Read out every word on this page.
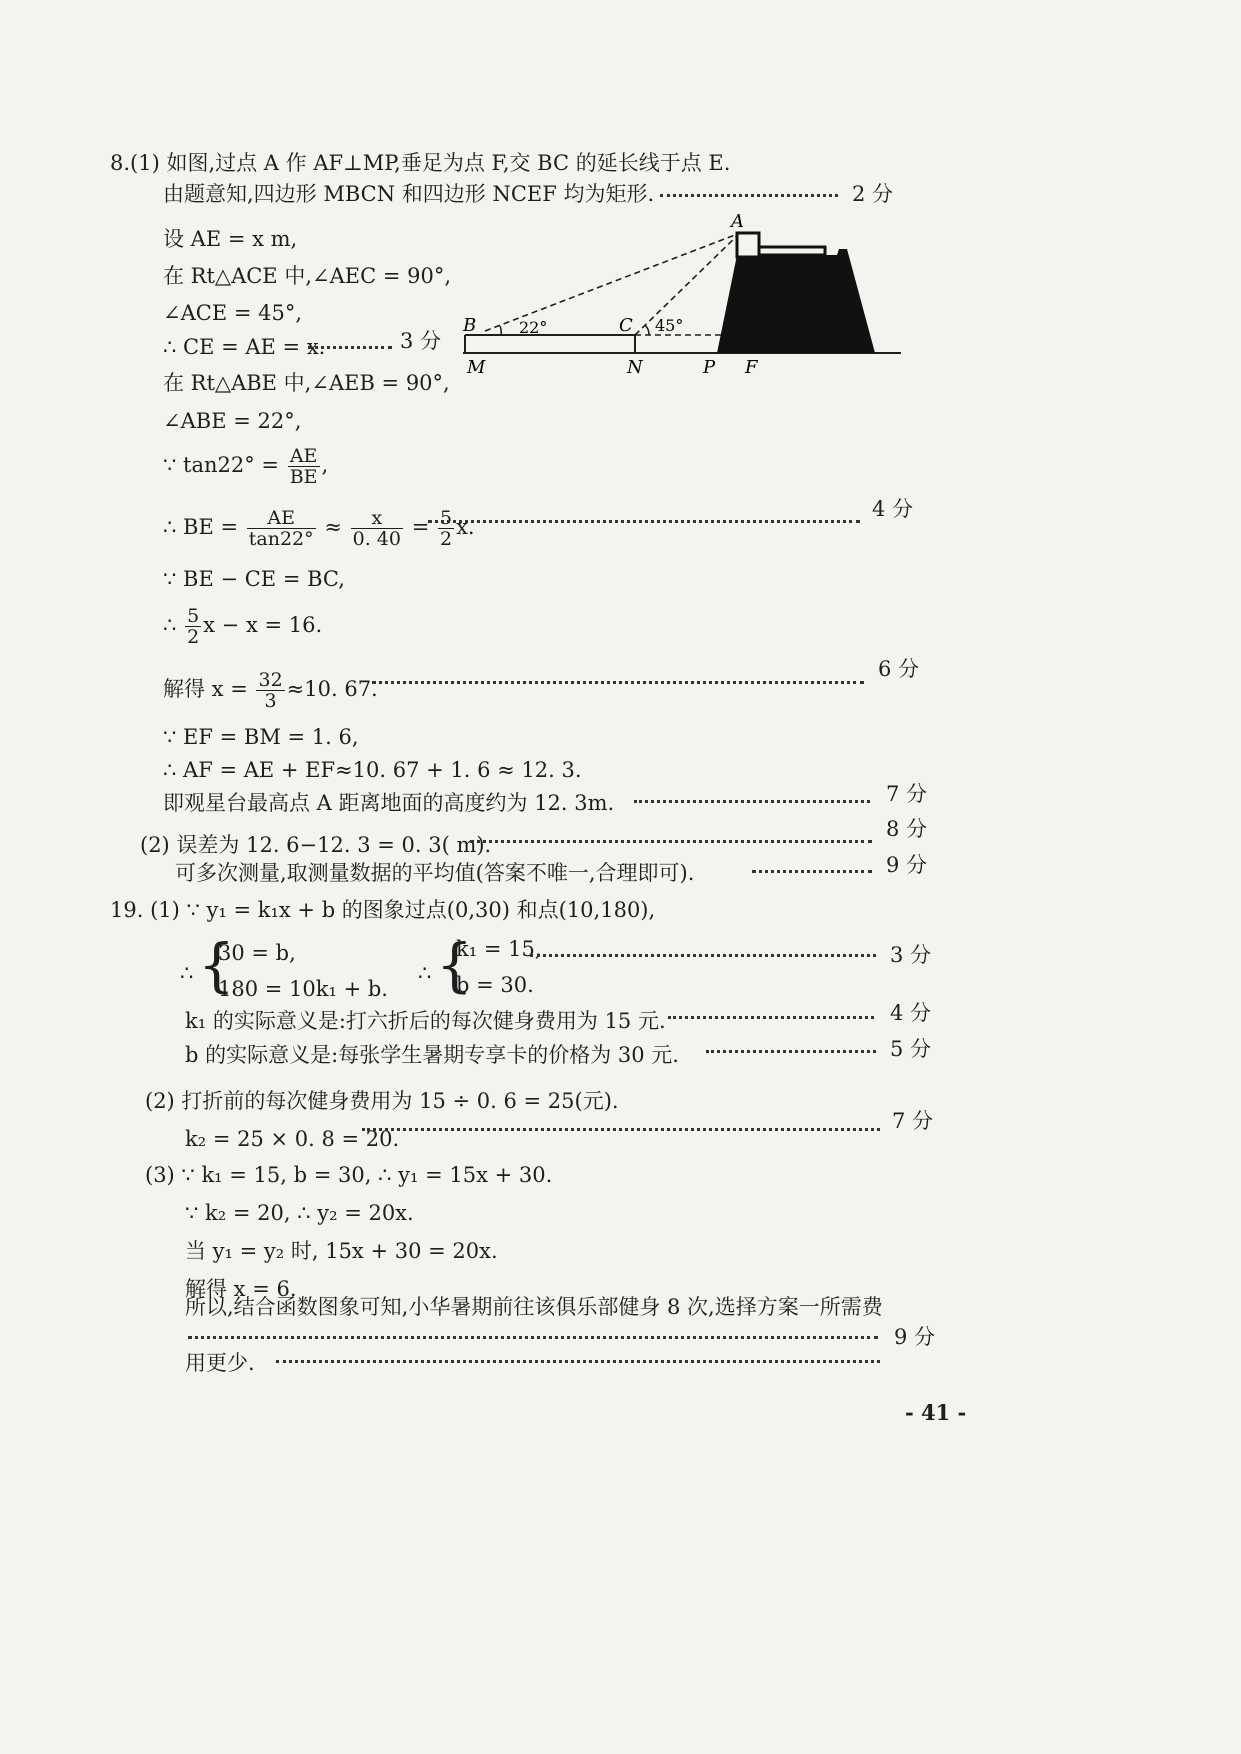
8.(1) 如图,过点 A 作 AF⊥MP,垂足为点 F,交 BC 的延长线于点 E.
由题意知,四边形 MBCN 和四边形 NCEF 均为矩形.	2 分
设 AE = x m,
在 Rt△ACE 中,∠AEC = 90°,
∠ACE = 45°,
∴ CE = AE = x.	3 分
在 Rt△ABE 中,∠AEB = 90°,
∠ABE = 22°,
∵ $\tan 22^\circ = \frac{AE}{BE}$ ,
∴ BE = $\frac{AE}{\tan 22^\circ} \approx \frac{x}{0. 40} = \frac{5}{2} x$.
4 分
∵ BE − CE = BC,
∴ $\frac{5}{2}$ x − x = 16.
解得 $x = \frac{32}{3} \approx 10$. 67.
6 分
∵ EF = BM = 1. 6,
∴ AF = AE + EF≈10. 67 + 1. 6 ≈ 12. 3.
即观星台最高点 A 距离地面的高度约为 12. 3m.	7 分
(2) 误差为 12. 6−12. 3 = 0. 3( m).
8 分
可多次测量,取测量数据的平均值(答案不唯一,合理即可).	9 分
A
B	C
M	N	P F
22°	45°
19. (1) ∵ y₁ = k₁x + b 的图象过点(0,30) 和点(10,180),
∴ {
30 = b,
180 = 10k₁ + b.
∴ {
k₁ = 15,
b = 30.
3 分
k₁ 的实际意义是:打六折后的每次健身费用为 15 元.	4 分
b 的实际意义是:每张学生暑期专享卡的价格为 30 元.	5 分
(2) 打折前的每次健身费用为 15 ÷ 0. 6 = 25(元).
k₂ = 25 × 0. 8 = 20.
7 分
(3) ∵ k₁ = 15, b = 30, ∴ y₁ = 15x + 30.
∵ k₂ = 20, ∴ y₂ = 20x.
当 y₁ = y₂ 时, 15x + 30 = 20x.
解得 x = 6.
所以,结合函数图象可知,小华暑期前往该俱乐部健身 8 次,选择方案一所需费
9 分
用更少.
- 41 -
